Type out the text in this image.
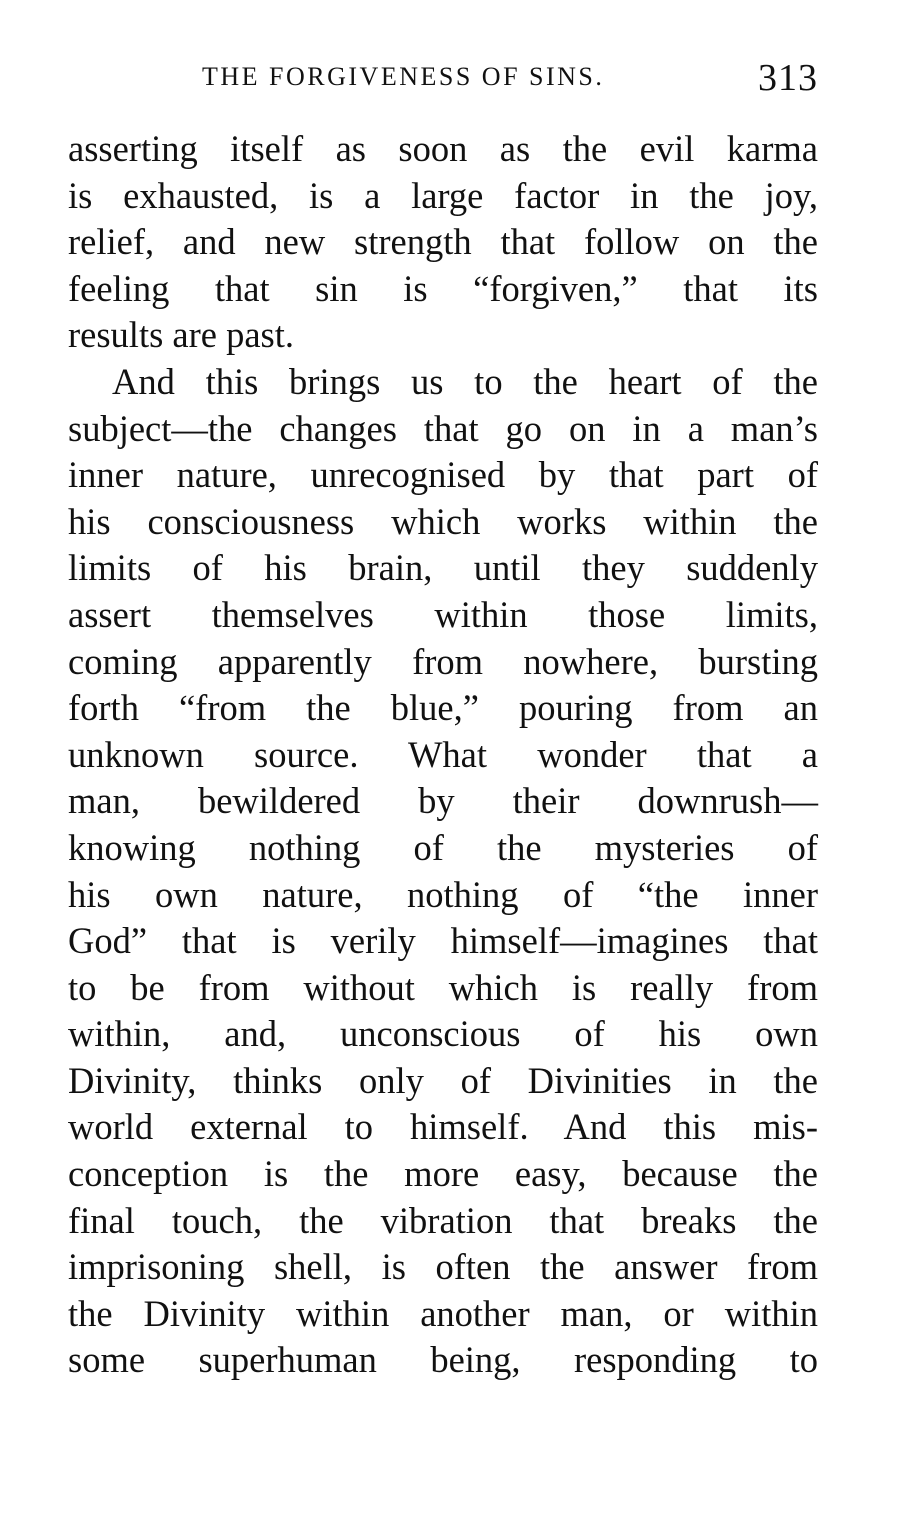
THE FORGIVENESS OF SINS.	313
asserting itself as soon as the evil karma
is exhausted, is a large factor in the joy,
relief, and new strength that follow on the
feeling that sin is “forgiven,” that its
results are past.
And this brings us to the heart of the
subject—the changes that go on in a man’s
inner nature, unrecognised by that part of
his consciousness which works within the
limits of his brain, until they suddenly
assert themselves within those limits,
coming apparently from nowhere, bursting
forth “from the blue,” pouring from an
unknown source. What wonder that a
man, bewildered by their downrush—
knowing nothing of the mysteries of
his own nature, nothing of “the inner
God” that is verily himself—imagines that
to be from without which is really from
within, and, unconscious of his own
Divinity, thinks only of Divinities in the
world external to himself. And this mis-
conception is the more easy, because the
final touch, the vibration that breaks the
imprisoning shell, is often the answer from
the Divinity within another man, or within
some superhuman being, responding to
